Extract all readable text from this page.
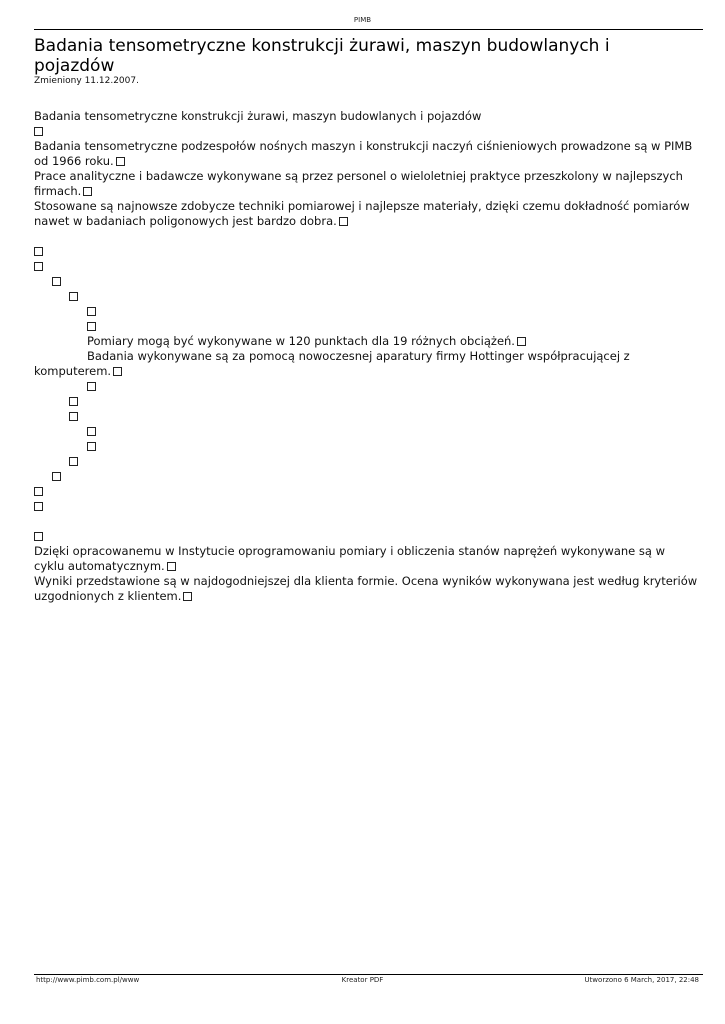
PIMB
Badania tensometryczne konstrukcji żurawi, maszyn budowlanych i pojazdów
Zmieniony 11.12.2007.
Badania tensometryczne konstrukcji żurawi, maszyn budowlanych i pojazdów
Badania tensometryczne podzespołów nośnych maszyn i konstrukcji naczyń ciśnieniowych prowadzone są w PIMB od 1966 roku.
Prace analityczne i badawcze wykonywane są przez personel o wieloletniej praktyce przeszkolony w najlepszych firmach.
Stosowane są najnowsze zdobycze techniki pomiarowej i najlepsze materiały, dzięki czemu dokładność pomiarów nawet w badaniach poligonowych jest bardzo dobra.
Pomiary mogą być wykonywane w 120 punktach dla 19 różnych obciążeń.
Badania wykonywane są za pomocą nowoczesnej aparatury firmy Hottinger współpracującej z komputerem.
Dzięki opracowanemu w Instytucie oprogramowaniu pomiary i obliczenia stanów naprężeń wykonywane są w cyklu automatycznym.
Wyniki przedstawione są w najdogodniejszej dla klienta formie. Ocena wyników wykonywana jest według kryteriów uzgodnionych z klientem.
http://www.pimb.com.pl/www	Kreator PDF	Utworzono 6 March, 2017, 22:48
